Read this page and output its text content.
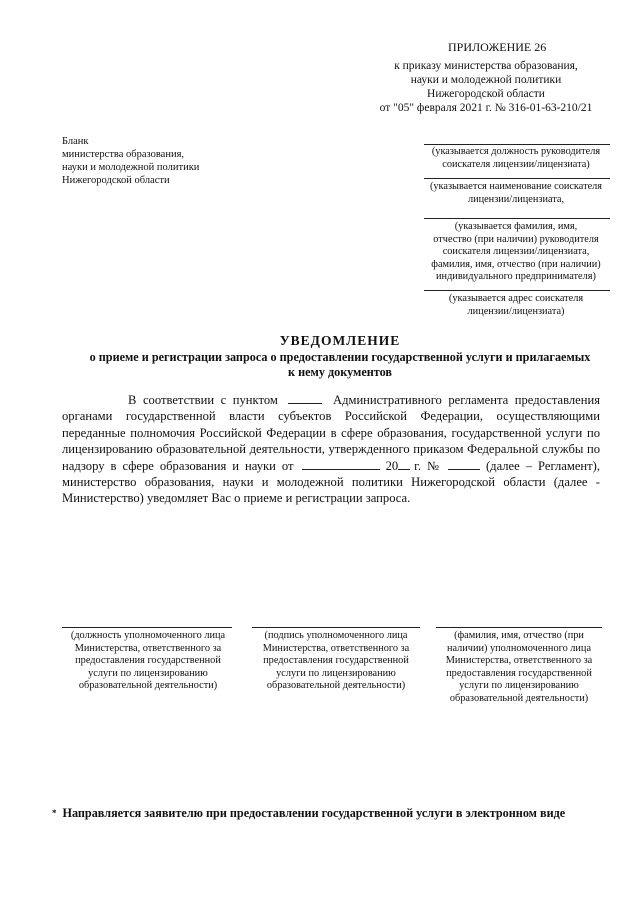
ПРИЛОЖЕНИЕ 26
к приказу министерства образования,
науки и молодежной политики
Нижегородской области
от "05" февраля 2021 г. № 316-01-63-210/21
Бланк
министерства образования,
науки и молодежной политики
Нижегородской области
(указывается должность руководителя
соискателя лицензии/лицензиата)
(указывается наименование соискателя
лицензии/лицензиата,
(указывается фамилия, имя,
отчество (при наличии) руководителя
соискателя лицензии/лицензиата,
фамилия, имя, отчество (при наличии)
индивидуального предпринимателя)
(указывается адрес соискателя
лицензии/лицензиата)
УВЕДОМЛЕНИЕ
о приеме и регистрации запроса о предоставлении государственной услуги и прилагаемых
к нему документов
В соответствии с пунктом	Административного регламента предоставления органами государственной власти субъектов Российской Федерации, осуществляющими переданные полномочия Российской Федерации в сфере образования, государственной услуги по лицензированию образовательной деятельности, утвержденного приказом Федеральной службы по надзору в сфере образования и науки от	20 г. №	(далее – Регламент), министерство образования, науки и молодежной политики Нижегородской области (далее - Министерство) уведомляет Вас о приеме и регистрации запроса.
(должность уполномоченного лица
Министерства, ответственного за
предоставления государственной
услуги по лицензированию
образовательной деятельности)
(подпись уполномоченного лица
Министерства, ответственного за
предоставления государственной
услуги по лицензированию
образовательной деятельности)
(фамилия, имя, отчество (при
наличии) уполномоченного лица
Министерства, ответственного за
предоставления государственной
услуги по лицензированию
образовательной деятельности)
* Направляется заявителю при предоставлении государственной услуги в электронном виде
